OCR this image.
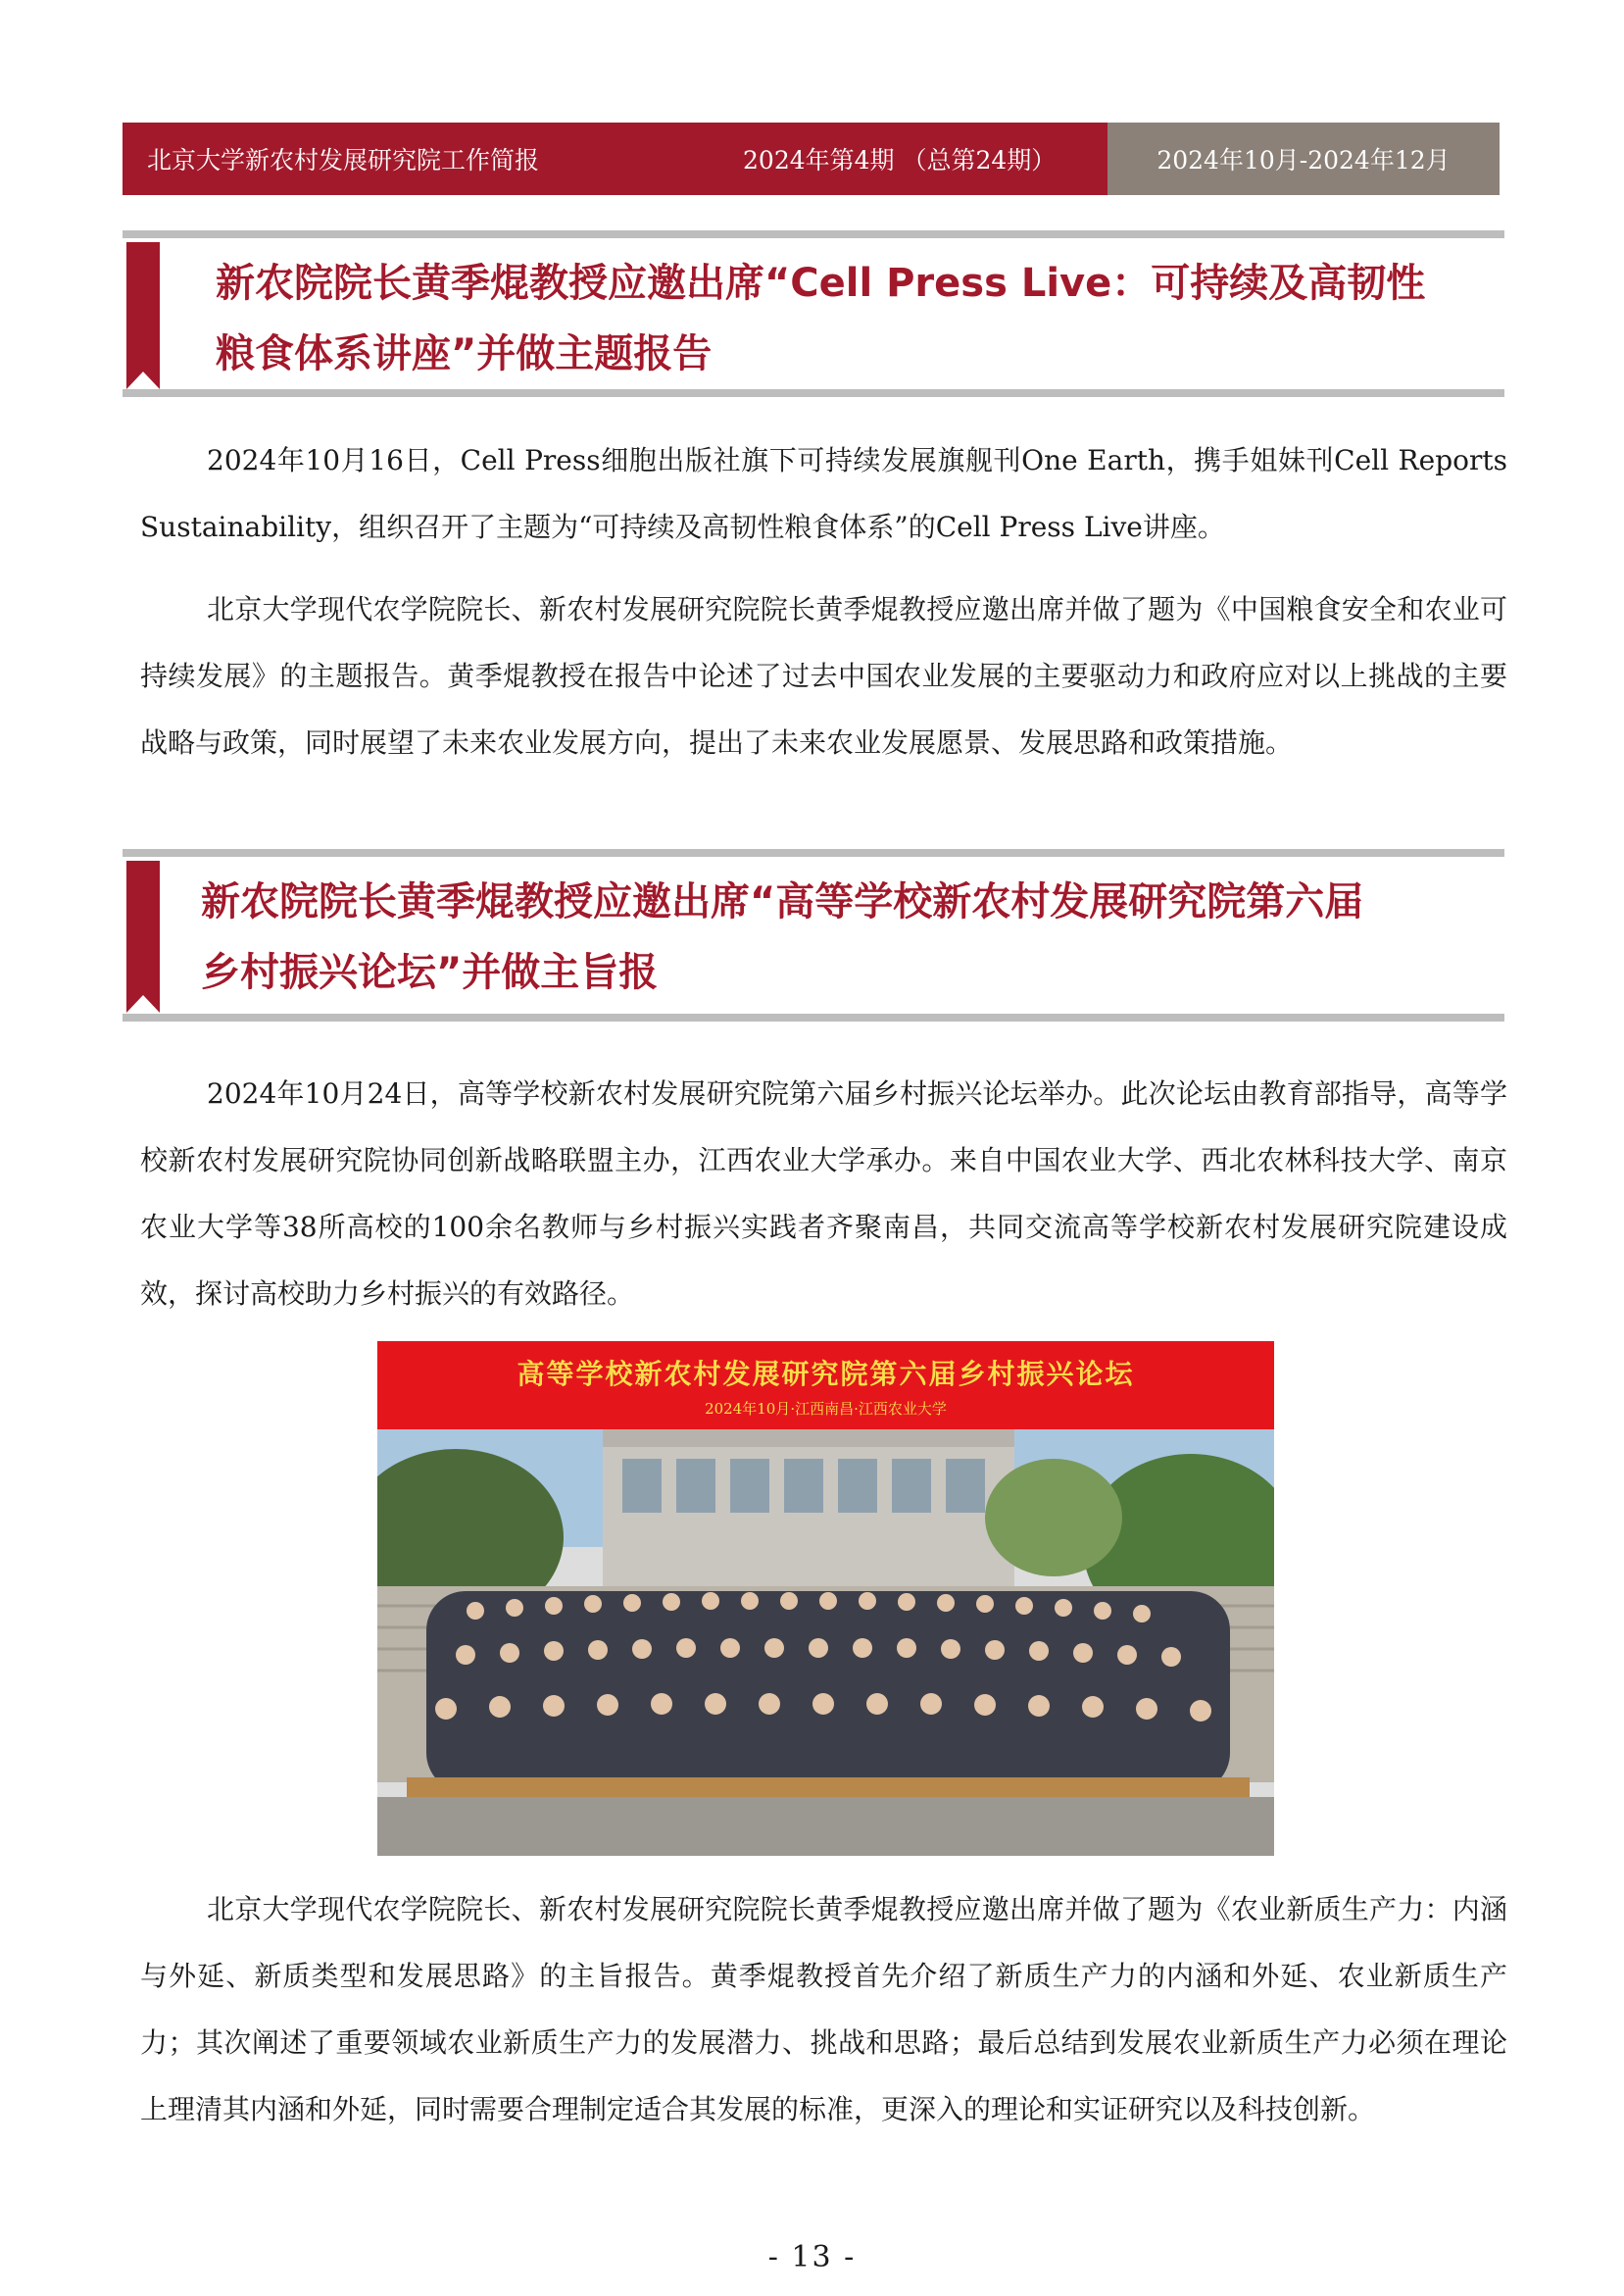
北京大学新农村发展研究院工作简报	2024年第4期 （总第24期）	2024年10月-2024年12月
新农院院长黄季焜教授应邀出席“Cell Press Live：可持续及高韧性
粮食体系讲座”并做主题报告

2024年10月16日，Cell Press细胞出版社旗下可持续发展旗舰刊One Earth，携手姐妹刊Cell Reports Sustainability，组织召开了主题为“可持续及高韧性粮食体系”的Cell Press Live讲座。

北京大学现代农学院院长、新农村发展研究院院长黄季焜教授应邀出席并做了题为《中国粮食安全和农业可持续发展》的主题报告。黄季焜教授在报告中论述了过去中国农业发展的主要驱动力和政府应对以上挑战的主要战略与政策，同时展望了未来农业发展方向，提出了未来农业发展愿景、发展思路和政策措施。

新农院院长黄季焜教授应邀出席“高等学校新农村发展研究院第六届
乡村振兴论坛”并做主旨报

2024年10月24日，高等学校新农村发展研究院第六届乡村振兴论坛举办。此次论坛由教育部指导，高等学校新农村发展研究院协同创新战略联盟主办，江西农业大学承办。来自中国农业大学、西北农林科技大学、南京农业大学等38所高校的100余名教师与乡村振兴实践者齐聚南昌，共同交流高等学校新农村发展研究院建设成效，探讨高校助力乡村振兴的有效路径。

高等学校新农村发展研究院第六届乡村振兴论坛
2024年10月·江西南昌·江西农业大学

北京大学现代农学院院长、新农村发展研究院院长黄季焜教授应邀出席并做了题为《农业新质生产力：内涵与外延、新质类型和发展思路》的主旨报告。黄季焜教授首先介绍了新质生产力的内涵和外延、农业新质生产力；其次阐述了重要领域农业新质生产力的发展潜力、挑战和思路；最后总结到发展农业新质生产力必须在理论上理清其内涵和外延，同时需要合理制定适合其发展的标准，更深入的理论和实证研究以及科技创新。

- 13 -
